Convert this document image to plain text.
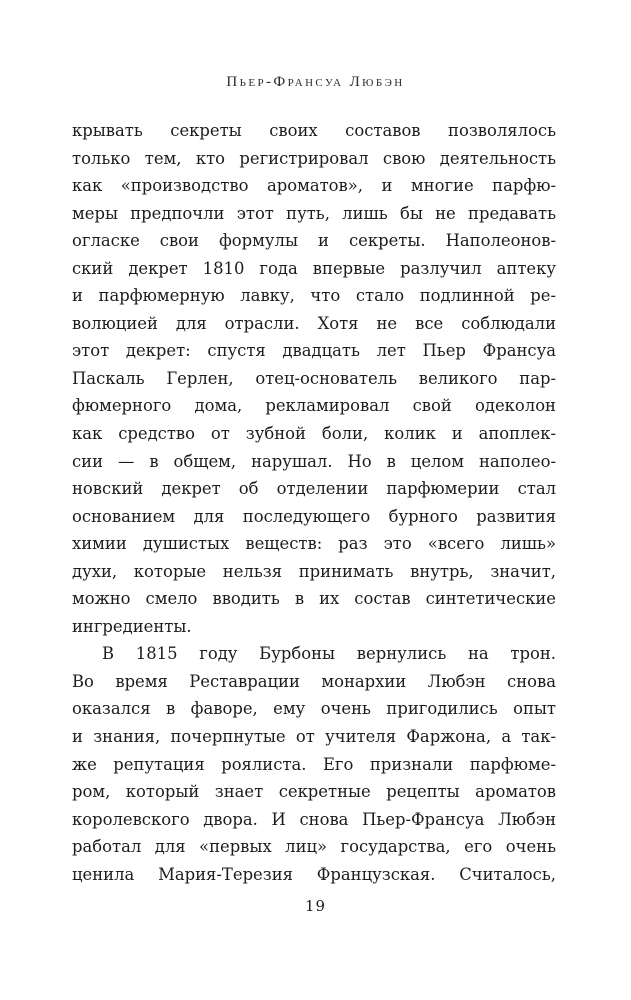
Пьер-Франсуа Любэн
крывать секреты своих составов позволялось
только тем, кто регистрировал свою деятельность
как «производство ароматов», и многие парфю-
меры предпочли этот путь, лишь бы не предавать
огласке свои формулы и секреты. Наполеонов-
ский декрет 1810 года впервые разлучил аптеку
и парфюмерную лавку, что стало подлинной ре-
волюцией для отрасли. Хотя не все соблюдали
этот декрет: спустя двадцать лет Пьер Франсуа
Паскаль Герлен, отец-основатель великого пар-
фюмерного дома, рекламировал свой одеколон
как средство от зубной боли, колик и апоплек-
сии — в общем, нарушал. Но в целом наполео-
новский декрет об отделении парфюмерии стал
основанием для последующего бурного развития
химии душистых веществ: раз это «всего лишь»
духи, которые нельзя принимать внутрь, значит,
можно смело вводить в их состав синтетические
ингредиенты.
В 1815 году Бурбоны вернулись на трон.
Во время Реставрации монархии Любэн снова
оказался в фаворе, ему очень пригодились опыт
и знания, почерпнутые от учителя Фаржона, а так-
же репутация роялиста. Его признали парфюме-
ром, который знает секретные рецепты ароматов
королевского двора. И снова Пьер-Франсуа Любэн
работал для «первых лиц» государства, его очень
ценила Мария-Терезия Французская. Считалось,
19
